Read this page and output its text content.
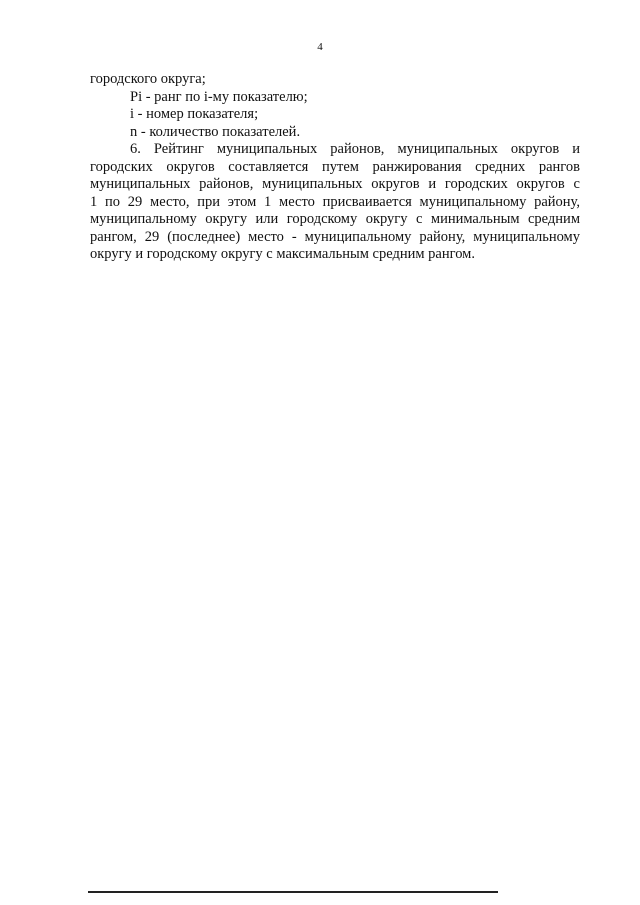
4
городского округа;
Pi - ранг по i-му показателю;
i - номер показателя;
n - количество показателей.
6. Рейтинг муниципальных районов, муниципальных округов и
городских округов составляется путем ранжирования средних рангов
муниципальных районов, муниципальных округов и городских округов с
1 по 29 место, при этом 1 место присваивается муниципальному району,
муниципальному округу или городскому округу с минимальным средним
рангом, 29 (последнее) место - муниципальному району, муниципальному
округу и городскому округу с максимальным средним рангом.
